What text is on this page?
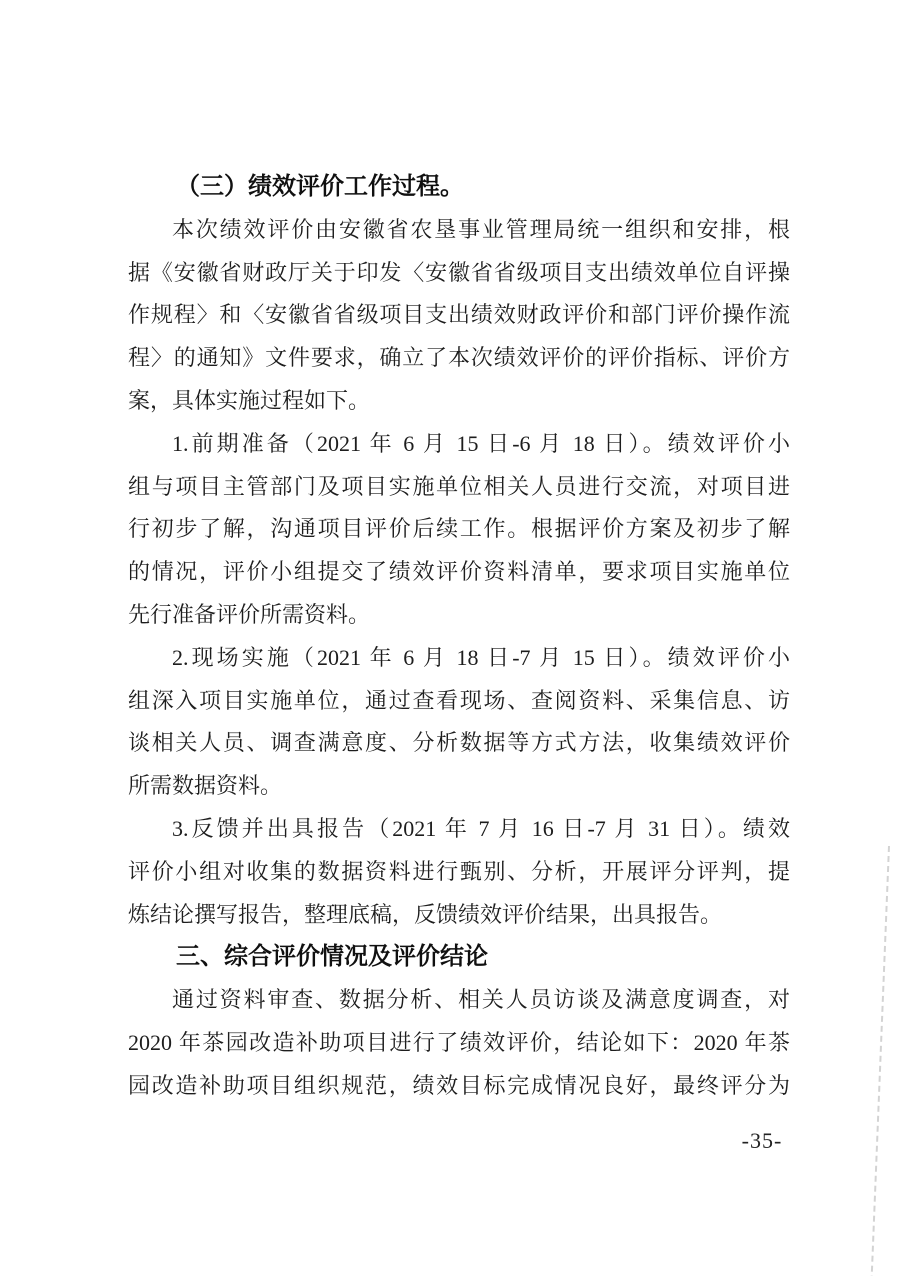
（三）绩效评价工作过程。
本次绩效评价由安徽省农垦事业管理局统一组织和安排，根
据《安徽省财政厅关于印发〈安徽省省级项目支出绩效单位自评操
作规程〉和〈安徽省省级项目支出绩效财政评价和部门评价操作流
程〉的通知》文件要求，确立了本次绩效评价的评价指标、评价方
案，具体实施过程如下。
1.前期准备（2021 年 6 月 15 日-6 月 18 日）。绩效评价小
组与项目主管部门及项目实施单位相关人员进行交流，对项目进
行初步了解，沟通项目评价后续工作。根据评价方案及初步了解
的情况，评价小组提交了绩效评价资料清单，要求项目实施单位
先行准备评价所需资料。
2.现场实施（2021 年 6 月 18 日-7 月 15 日）。绩效评价小
组深入项目实施单位，通过查看现场、查阅资料、采集信息、访
谈相关人员、调查满意度、分析数据等方式方法，收集绩效评价
所需数据资料。
3.反馈并出具报告（2021 年 7 月 16 日-7 月 31 日）。绩效
评价小组对收集的数据资料进行甄别、分析，开展评分评判，提
炼结论撰写报告，整理底稿，反馈绩效评价结果，出具报告。
三、综合评价情况及评价结论
通过资料审查、数据分析、相关人员访谈及满意度调查，对
2020 年茶园改造补助项目进行了绩效评价，结论如下：2020 年茶
园改造补助项目组织规范，绩效目标完成情况良好，最终评分为
-35-
